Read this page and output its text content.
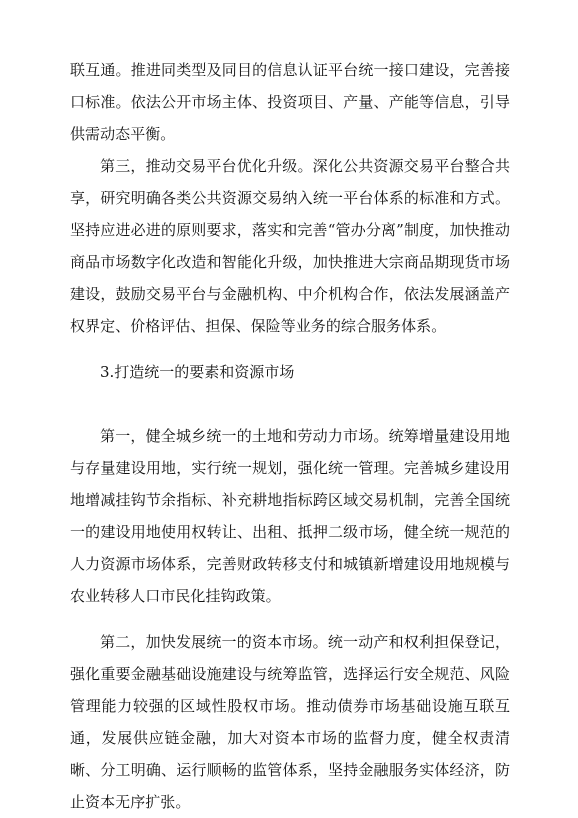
联互通。推进同类型及同目的信息认证平台统一接口建设，完善接口标准。依法公开市场主体、投资项目、产量、产能等信息，引导供需动态平衡。

第三，推动交易平台优化升级。深化公共资源交易平台整合共享，研究明确各类公共资源交易纳入统一平台体系的标准和方式。坚持应进必进的原则要求，落实和完善“管办分离”制度，加快推动商品市场数字化改造和智能化升级，加快推进大宗商品期现货市场建设，鼓励交易平台与金融机构、中介机构合作，依法发展涵盖产权界定、价格评估、担保、保险等业务的综合服务体系。

3.打造统一的要素和资源市场

第一，健全城乡统一的土地和劳动力市场。统筹增量建设用地与存量建设用地，实行统一规划，强化统一管理。完善城乡建设用地增减挂钩节余指标、补充耕地指标跨区域交易机制，完善全国统一的建设用地使用权转让、出租、抵押二级市场，健全统一规范的人力资源市场体系，完善财政转移支付和城镇新增建设用地规模与农业转移人口市民化挂钩政策。

第二，加快发展统一的资本市场。统一动产和权利担保登记，强化重要金融基础设施建设与统筹监管，选择运行安全规范、风险管理能力较强的区域性股权市场。推动债券市场基础设施互联互通，发展供应链金融，加大对资本市场的监督力度，健全权责清晰、分工明确、运行顺畅的监管体系，坚持金融服务实体经济，防止资本无序扩张。
